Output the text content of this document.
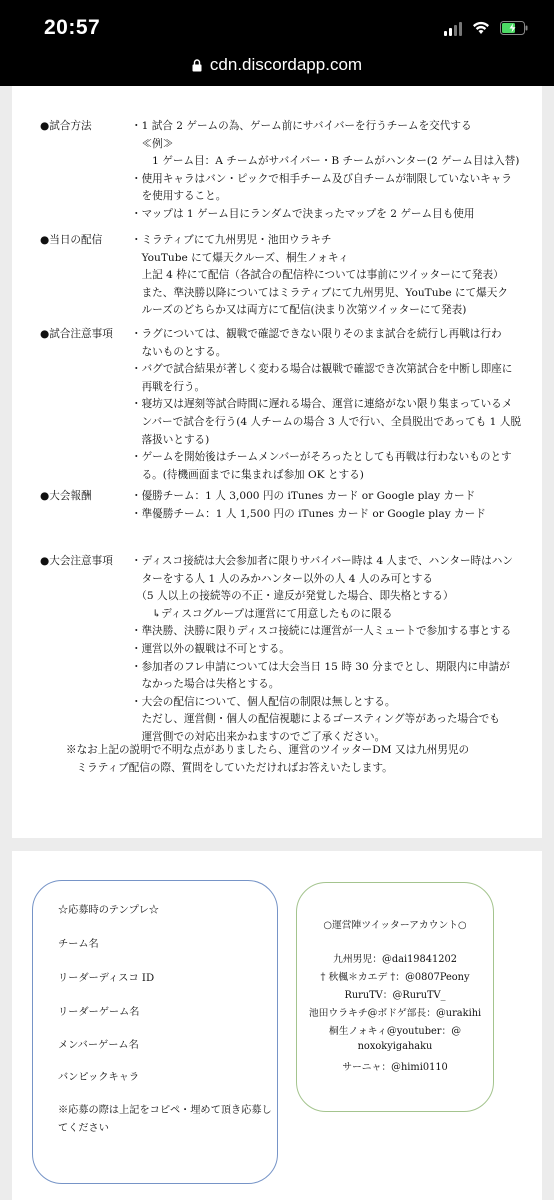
20:57
cdn.discordapp.com
●試合方法	・1 試合 2 ゲームの為、ゲーム前にサバイバーを行うチームを交代する
　≪例≫
　　1 ゲーム目：A チームがサバイバー・B チームがハンター(2 ゲーム目は入替)
・使用キャラはバン・ピックで相手チーム及び自チームが制限していないキャラ
　を使用すること。
・マップは 1 ゲーム目にランダムで決まったマップを 2 ゲーム目も使用
●当日の配信	・ミラティブにて九州男児・池田ウラキチ
　YouTube にて爆天クルーズ、桐生ノォキィ
　上記 4 枠にて配信（各試合の配信枠については事前にツイッターにて発表）
　また、準決勝以降についてはミラティブにて九州男児、YouTube にて爆天ク
　ルーズのどちらか又は両方にて配信(決まり次第ツイッターにて発表)
●試合注意事項 ・ラグについては、観戦で確認できない限りそのまま試合を続行し再戦は行わ
　ないものとする。
・バグで試合結果が著しく変わる場合は観戦で確認でき次第試合を中断し即座に
　再戦を行う。
・寝坊又は遅刻等試合時間に遅れる場合、運営に連絡がない限り集まっているメ
　ンバーで試合を行う(4 人チームの場合 3 人で行い、全員脱出であっても 1 人脱
　落扱いとする)
・ゲームを開始後はチームメンバーがそろったとしても再戦は行わないものとす
　る。(待機画面までに集まれば参加 OK とする)
●大会報酬	・優勝チーム：1 人 3,000 円の iTunes カード or Google play カード
・準優勝チーム：1 人 1,500 円の iTunes カード or Google play カード
●大会注意事項 ・ディスコ接続は大会参加者に限りサバイバー時は 4 人まで、ハンター時はハン
　ターをする人 1 人のみかハンター以外の人 4 人のみ可とする
　（5 人以上の接続等の不正・違反が発覚した場合、即失格とする）
　　↳ディスコグループは運営にて用意したものに限る
・準決勝、決勝に限りディスコ接続には運営が一人ミュートで参加する事とする
・運営以外の観戦は不可とする。
・参加者のフレ申請については大会当日 15 時 30 分までとし、期限内に申請が
　なかった場合は失格とする。
・大会の配信について、個人配信の制限は無しとする。
　ただし、運営側・個人の配信視聴によるゴースティング等があった場合でも
　運営側での対応出来かねますのでご了承ください。
※なお上記の説明で不明な点がありましたら、運営のツイッターDM 又は九州男児の
　ミラティブ配信の際、質問をしていただければお答えいたします。
☆応募時のテンプレ☆
チーム名
リーダーディスコ ID
リーダーゲーム名
メンバーゲーム名
バンピックキャラ
※応募の際は上記をコピペ・埋めて頂き応募し
てください
○運営陣ツイッターアカウント○
九州男児：@dai19841202
† 秋楓＊カエデ †：@0807Peony
RuruTV：@RuruTV_
池田ウラキチ@ボドゲ部長：@urakihi
桐生ノォキィ@youtuber：@
noxokyigahaku
サーニャ：@himi0110
